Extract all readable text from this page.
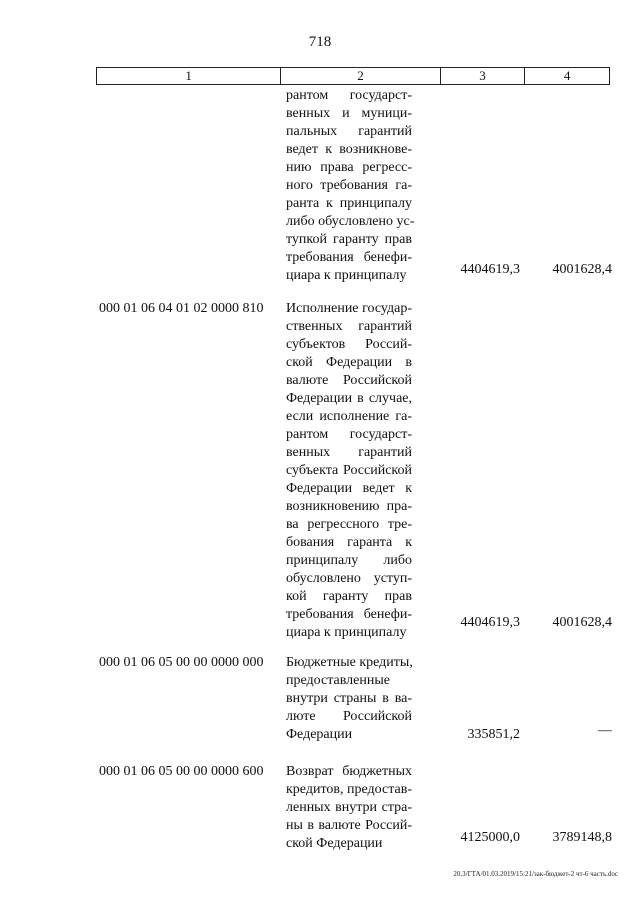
718
1	2	3	4
рантом государст-
венных и муници-
пальных гарантий
ведет к возникнове-
нию права регресс-
ного требования га-
ранта к принципалу
либо обусловлено ус-
тупкой гаранту прав
требования бенефи-
циара к принципалу	4404619,3 4001628,4
000 01 06 04 01 02 0000 810 Исполнение государ-
ственных гарантий
субъектов Россий-
ской Федерации в
валюте Российской
Федерации в случае,
если исполнение га-
рантом государст-
венных гарантий
субъекта Российской
Федерации ведет к
возникновению пра-
ва регрессного тре-
бования гаранта к
принципалу либо
обусловлено уступ-
кой гаранту прав
требования бенефи-
циара к принципалу
4404619,3 4001628,4
000 01 06 05 00 00 0000 000 Бюджетные кредиты,
предоставленные
внутри страны в ва-
люте Российской
Федерации	335851,2	—
000 01 06 05 00 00 0000 600 Возврат бюджетных
кредитов, предостав-
ленных внутри стра-
ны в валюте Россий-
ской Федерации	4125000,0 3789148,8
20.3/ГТА/01.03.2019/15:21/зак-бюджет-2 чт-6 часть.doc
